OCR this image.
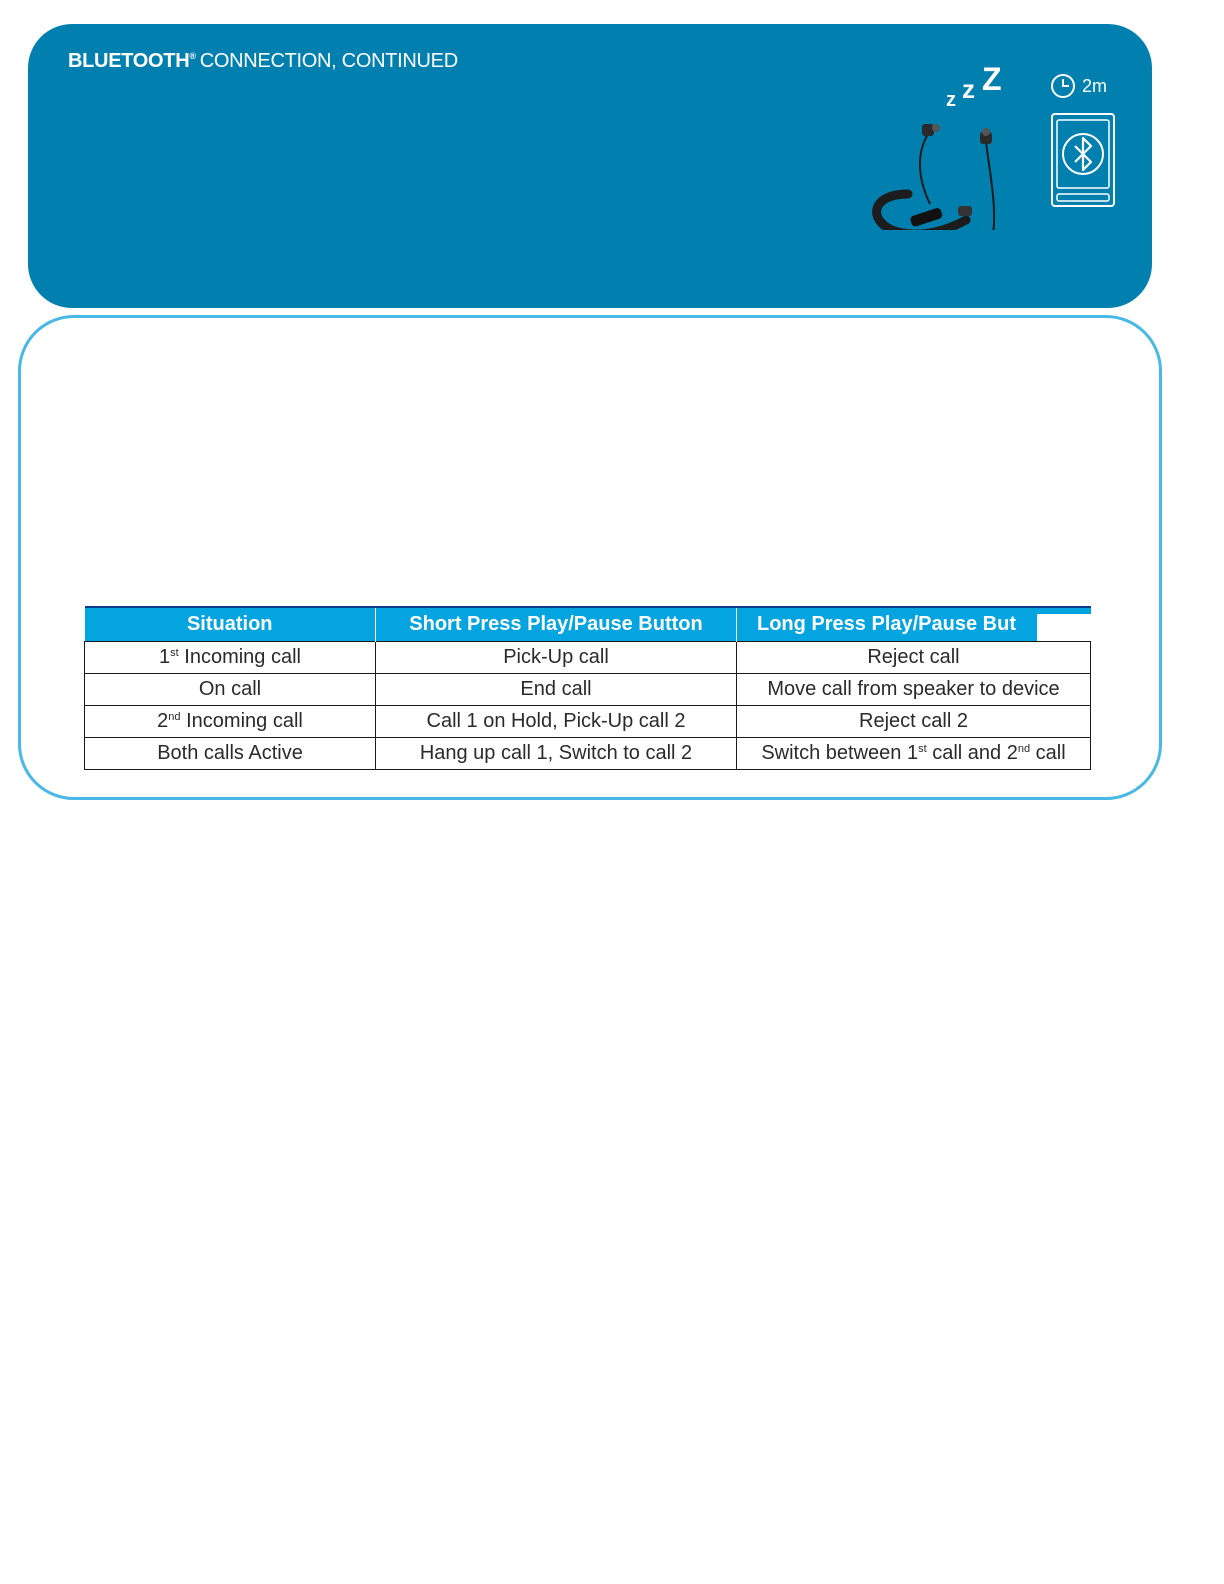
BLUETOOTH® CONNECTION, CONTINUED
z z Z	2m
Situation	Short Press Play/Pause Button	Long Press Play/Pause But
1st Incoming call	Pick-Up call	Reject call
On call	End call	Move call from speaker to device
2nd Incoming call	Call 1 on Hold, Pick-Up call 2	Reject call 2
Both calls Active	Hang up call 1, Switch to call 2	Switch between 1st call and 2nd call
